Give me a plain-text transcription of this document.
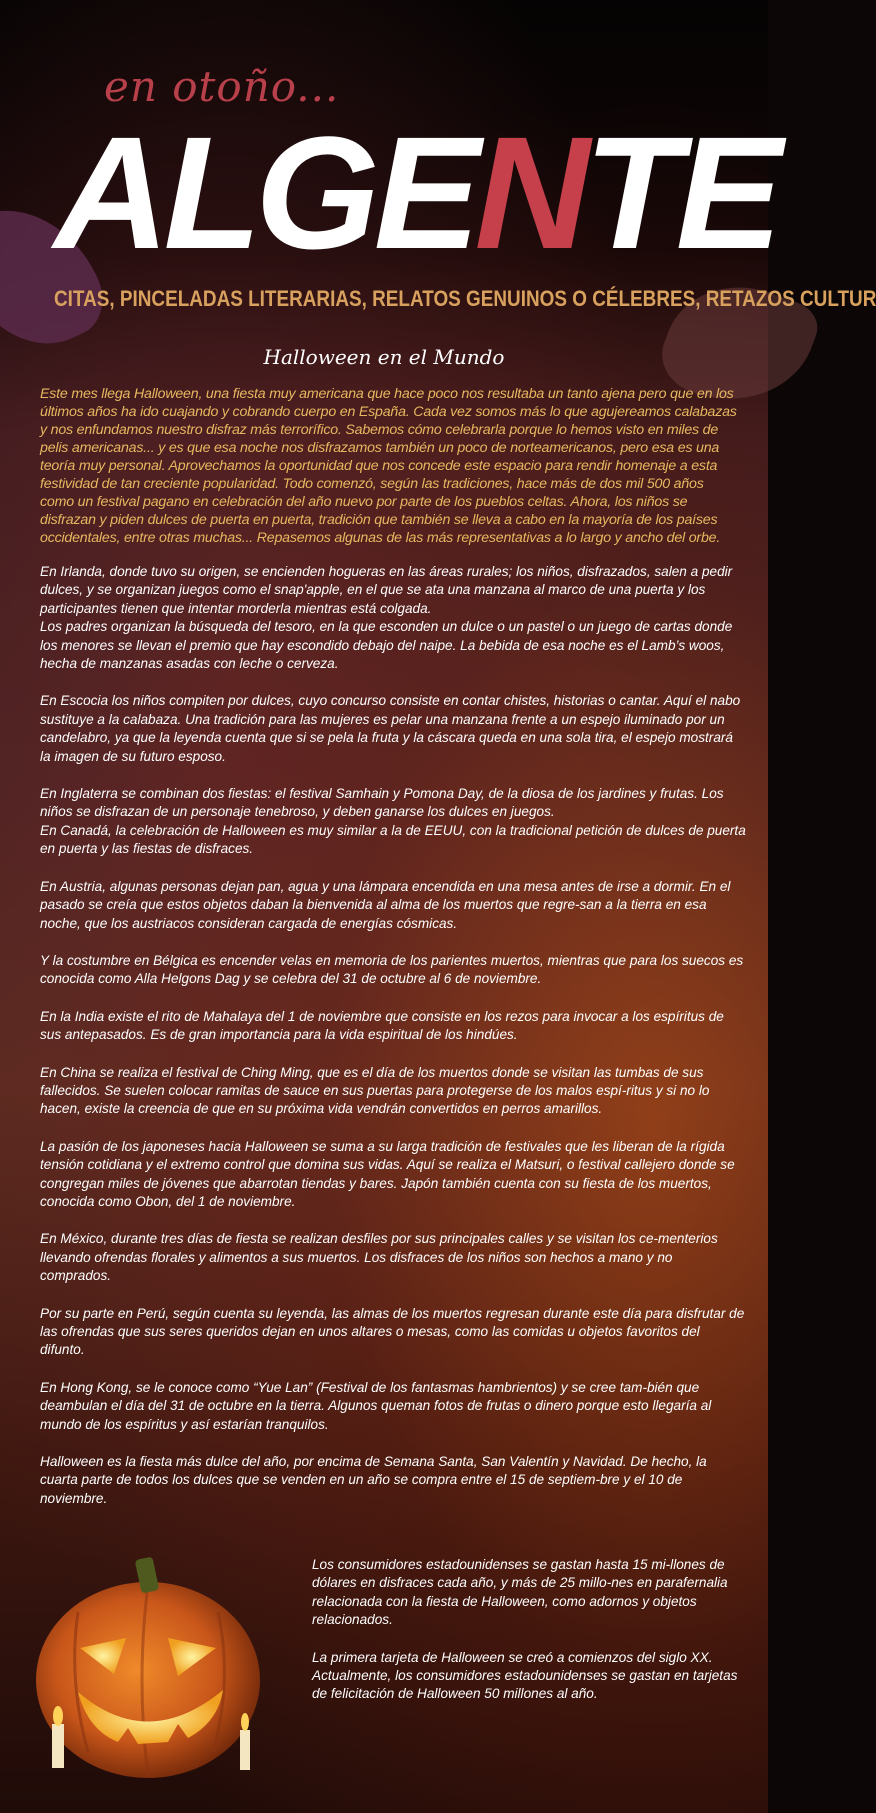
en otoño...
ALGENTE
CITAS, PINCELADAS LITERARIAS, RELATOS GENUINOS O CÉLEBRES, RETAZOS CULTUR
Halloween en el Mundo
Este mes llega Halloween, una fiesta muy americana que hace poco nos resultaba un tanto ajena pero que en los últimos años ha ido cuajando y cobrando cuerpo en España. Cada vez somos más lo que agujereamos calabazas y nos enfundamos nuestro disfraz más terrorífico. Sabemos cómo celebrarla porque lo hemos visto en miles de pelis americanas... y es que esa noche nos disfrazamos también un poco de norteamericanos, pero esa es una teoría muy personal. Aprovechamos la oportunidad que nos concede este espacio para rendir homenaje a esta festividad de tan creciente popularidad. Todo comenzó, según las tradiciones, hace más de dos mil 500 años como un festival pagano en celebración del año nuevo por parte de los pueblos celtas. Ahora, los niños se disfrazan y piden dulces de puerta en puerta, tradición que también se lleva a cabo en la mayoría de los países occidentales, entre otras muchas... Repasemos algunas de las más representativas a lo largo y ancho del orbe.
En Irlanda, donde tuvo su origen, se encienden hogueras en las áreas rurales; los niños, disfrazados, salen a pedir dulces, y se organizan juegos como el snap'apple, en el que se ata una manzana al marco de una puerta y los participantes tienen que intentar morderla mientras está colgada.
Los padres organizan la búsqueda del tesoro, en la que esconden un dulce o un pastel o un juego de cartas donde los menores se llevan el premio que hay escondido debajo del naipe. La bebida de esa noche es el Lamb’s woos, hecha de manzanas asadas con leche o cerveza.
En Escocia los niños compiten por dulces, cuyo concurso consiste en contar chistes, historias o cantar. Aquí el nabo sustituye a la calabaza. Una tradición para las mujeres es pelar una manzana frente a un espejo iluminado por un candelabro, ya que la leyenda cuenta que si se pela la fruta y la cáscara queda en una sola tira, el espejo mostrará la imagen de su futuro esposo.
En Inglaterra se combinan dos fiestas: el festival Samhain y Pomona Day, de la diosa de los jardines y frutas. Los niños se disfrazan de un personaje tenebroso, y deben ganarse los dulces en juegos.
En Canadá, la celebración de Halloween es muy similar a la de EEUU, con la tradicional petición de dulces de puerta en puerta y las fiestas de disfraces.
En Austria, algunas personas dejan pan, agua y una lámpara encendida en una mesa antes de irse a dormir. En el pasado se creía que estos objetos daban la bienvenida al alma de los muertos que regre-san a la tierra en esa noche, que los austriacos consideran cargada de energías cósmicas.
Y la costumbre en Bélgica es encender velas en memoria de los parientes muertos, mientras que para los suecos es conocida como Alla Helgons Dag y se celebra del 31 de octubre al 6 de noviembre.
En la India existe el rito de Mahalaya del 1 de noviembre que consiste en los rezos para invocar a los espíritus de sus antepasados. Es de gran importancia para la vida espiritual de los hindúes.
En China se realiza el festival de Ching Ming, que es el día de los muertos donde se visitan las tumbas de sus fallecidos. Se suelen colocar ramitas de sauce en sus puertas para protegerse de los malos espí-ritus y si no lo hacen, existe la creencia de que en su próxima vida vendrán convertidos en perros amarillos.
La pasión de los japoneses hacia Halloween se suma a su larga tradición de festivales que les liberan de la rígida tensión cotidiana y el extremo control que domina sus vidas. Aquí se realiza el Matsuri, o festival callejero donde se congregan miles de jóvenes que abarrotan tiendas y bares. Japón también cuenta con su fiesta de los muertos, conocida como Obon, del 1 de noviembre.
En México, durante tres días de fiesta se realizan desfiles por sus principales calles y se visitan los ce-menterios llevando ofrendas florales y alimentos a sus muertos. Los disfraces de los niños son hechos a mano y no comprados.
Por su parte en Perú, según cuenta su leyenda, las almas de los muertos regresan durante este día para disfrutar de las ofrendas que sus seres queridos dejan en unos altares o mesas, como las comidas u objetos favoritos del difunto.
En Hong Kong, se le conoce como “Yue Lan” (Festival de los fantasmas hambrientos) y se cree tam-bién que deambulan el día del 31 de octubre en la tierra. Algunos queman fotos de frutas o dinero porque esto llegaría al mundo de los espíritus y así estarían tranquilos.
Halloween es la fiesta más dulce del año, por encima de Semana Santa, San Valentín y Navidad. De hecho, la cuarta parte de todos los dulces que se venden en un año se compra entre el 15 de septiem-bre y el 10 de noviembre.
Los consumidores estadounidenses se gastan hasta 15 mi-llones de dólares en disfraces cada año, y más de 25 millo-nes en parafernalia relacionada con la fiesta de Halloween, como adornos y objetos relacionados.
La primera tarjeta de Halloween se creó a comienzos del siglo XX. Actualmente, los consumidores estadounidenses se gastan en tarjetas de felicitación de Halloween 50 millones al año.
